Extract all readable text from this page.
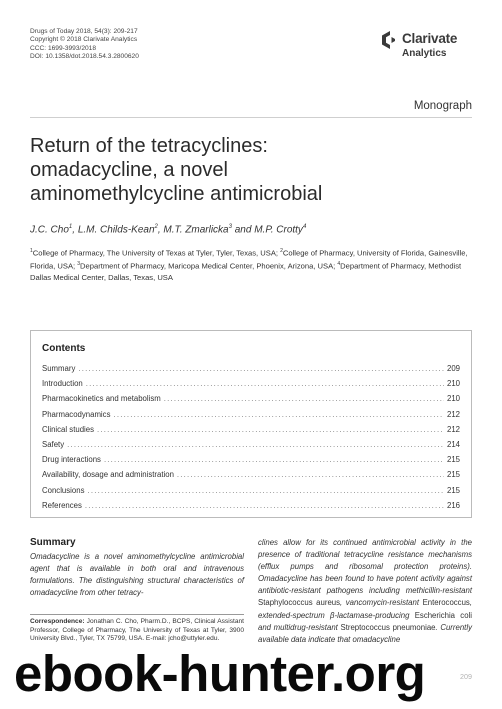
Drugs of Today 2018, 54(3): 209-217
Copyright © 2018 Clarivate Analytics
CCC: 1699-3993/2018
DOI: 10.1358/dot.2018.54.3.2800620
Clarivate
Analytics
Monograph
Return of the tetracyclines:
omadacycline, a novel
aminomethylcycline antimicrobial
J.C. Cho$^1$, L.M. Childs-Kean$^2$, M.T. Zmarlicka$^3$ and M.P. Crotty$^4$
$^1$College of Pharmacy, The University of Texas at Tyler, Tyler, Texas, USA; $^2$College of Pharmacy, University of Florida, Gainesville, Florida, USA; $^3$Department of Pharmacy, Maricopa Medical Center, Phoenix, Arizona, USA; $^4$Department of Pharmacy, Methodist Dallas Medical Center, Dallas, Texas, USA
Contents
Summary .....	209
Introduction .....	210
Pharmacokinetics and metabolism .....	210
Pharmacodynamics .....	212
Clinical studies .....	212
Safety .....	214
Drug interactions .....	215
Availability, dosage and administration .....	215
Conclusions .....	215
References .....	216
Summary
Omadacycline is a novel aminomethylcycline antimicrobial agent that is available in both oral and intravenous formulations. The distinguishing structural characteristics of omadacycline from other tetracy-
Correspondence: Jonathan C. Cho, Pharm.D., BCPS, Clinical Assistant Professor, College of Pharmacy, The University of Texas at Tyler, 3900 University Blvd., Tyler, TX 75799, USA. E-mail: jcho@uttyler.edu.
clines allow for its continued antimicrobial activity in the presence of traditional tetracycline resistance mechanisms (efflux pumps and ribosomal protection proteins). Omadacycline has been found to have potent activity against antibiotic-resistant pathogens including methicillin-resistant Staphylococcus aureus, vancomycin-resistant Enterococcus, extended-spectrum β-lactamase-producing Escherichia coli and multidrug-resistant Streptococcus pneumoniae. Currently available data indicate that omadacycline
ebook-hunter.org
